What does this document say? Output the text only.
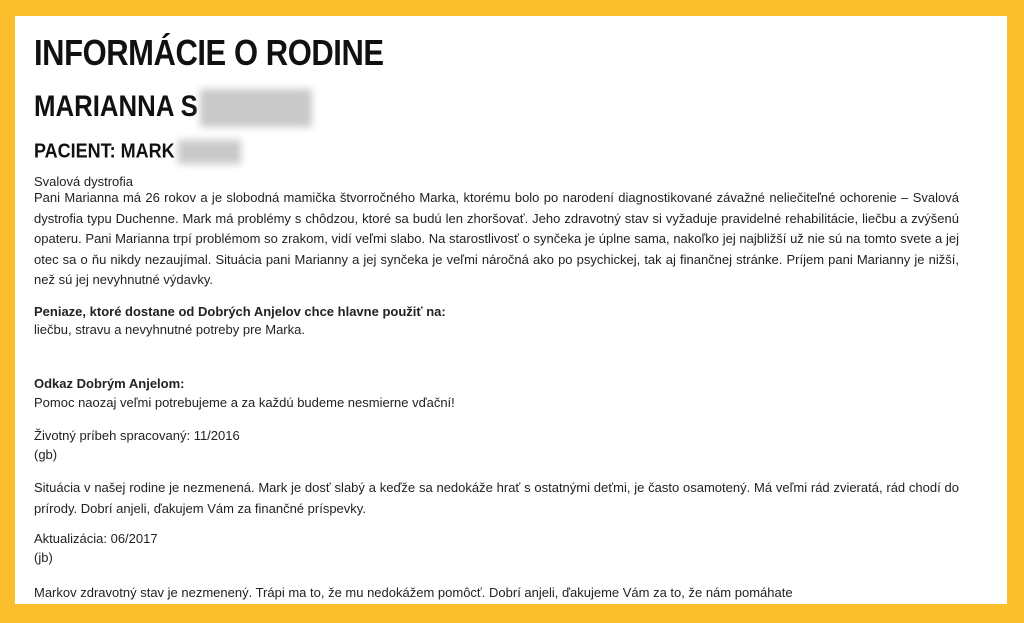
INFORMÁCIE O RODINE
MARIANNA S
PACIENT: MARK
Svalová dystrofia
Pani Marianna má 26 rokov a je slobodná mamička štvorročného Marka, ktorému bolo po narodení diagnostikované závažné neliečiteľné ochorenie – Svalová dystrofia typu Duchenne. Mark má problémy s chôdzou, ktoré sa budú len zhoršovať. Jeho zdravotný stav si vyžaduje pravidelné rehabilitácie, liečbu a zvýšenú opateru. Pani Marianna trpí problémom so zrakom, vidí veľmi slabo. Na starostlivosť o synčeka je úplne sama, nakoľko jej najbližší už nie sú na tomto svete a jej otec sa o ňu nikdy nezaujímal. Situácia pani Marianny a jej synčeka je veľmi náročná ako po psychickej, tak aj finančnej stránke. Príjem pani Marianny je nižší, než sú jej nevyhnutné výdavky.
Peniaze, ktoré dostane od Dobrých Anjelov chce hlavne použiť na:
liečbu, stravu a nevyhnutné potreby pre Marka.
Odkaz Dobrým Anjelom:
Pomoc naozaj veľmi potrebujeme a za každú budeme nesmierne vďační!
Životný príbeh spracovaný: 11/2016
(gb)
Situácia v našej rodine je nezmenená. Mark je dosť slabý a keďže sa nedokáže hrať s ostatnými deťmi, je často osamotený. Má veľmi rád zvieratá, rád chodí do prírody. Dobrí anjeli, ďakujem Vám za finančné príspevky.
Aktualizácia: 06/2017
(jb)
Markov zdravotný stav je nezmenený. Trápi ma to, že mu nedokážem pomôcť. Dobrí anjeli, ďakujeme Vám za to, že nám pomáhate
